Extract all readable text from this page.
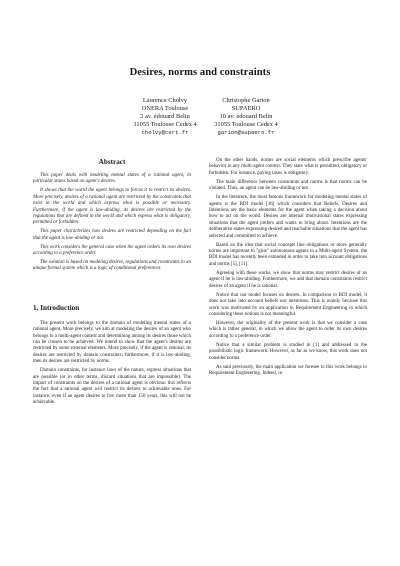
Desires, norms and constraints
Laurence Cholvy
ONERA Toulouse
2 av. édouard Belin
31055 Toulouse Cedex 4
cholvy@cert.fr
Christophe Garion
SUPAERO
10 av. édouard Belin
31055 Toulouse Cedex 4
garion@supaero.fr
Abstract

This paper deals with modeling mental states of a rational agent, in particular states based on agent's desires.

It shows that the world the agent belongs to forces it to restrict its desires. More precisely, desires of a rational agent are restricted by the constraints that exist in the world and which express what is possible or necessary. Furthermore, if the agent is law-abiding, its desires are restricted by the regulations that are defined in the world and which express what is obligatory, permitted or forbidden.

This paper characterizes how desires are restricted depending on the fact that the agent is law-abiding or not.

This work considers the general case when the agent orders its own desires according to a preference order.

The solution is based on modeling desires, regulations and constraints in an unique formal system which is a logic of conditional preferences.

1. Introduction

The present work belongs to the domain of modeling mental states of a rational agent. More precisely, we aim at modeling the desires of an agent who belongs to a multi-agent context and determining among its desires those which can be chosen to be achieved. We intend to show that the agent's desires are restricted by some external elements. More precisely, if the agent is rational, its desires are restricted by domain constraints; furthermore, if it is law-abiding, then its desires are restricted by norms.

Domain constraints, for instance laws of the nature, express situations that are possible (or in other terms, discard situations that are impossible). The impact of constraints on the desires of a rational agent is obvious: this reflects the fact that a rational agent will restrict its desires to achievable ones. For instance, even if an agent desires to live more than 150 years, this will not be achievable.

On the other hands, norms are social elements which prescribe agents' behavior in any multi-agent context. They state what is permitted, obligatory or forbidden. For instance, paying taxes is obligatory.

The main difference between constraints and norms is that norms can be violated. Thus, an agent can be law-abiding or not.

In the literature, the most famous framework for modeling mental states of agents is the BDI model [16] which considers that Beliefs, Desires and Intentions are the basic elements for the agent when taking a decision about how to act on the world. Desires are internal motivational states expressing situations that the agent prefers and wants to bring about. Intentions are the deliberative states expressing desired and reachable situations that the agent has selected and committed to achieve.

Based on the idea that social concepts like obligations or more generally norms are important to "glue" autonomous agents in a Multi-agent System, the BDI model has recently been extended in order to take into account obligations and norms [5], [11].

Agreeing with these works, we show that norms may restrict desires of an agent if he is law-abiding. Furthermore, we add that domain constraints restrict desires of an agent if he is rational.

Notice that our model focuses on desires. In comparison to BDI model, it does not take into account beliefs nor intentions. This is mainly because this work was motivated by an application in Requirement Engineering in which considering these notions is not meaningful.

However, the originality of the present work is that we consider a case which is rather general, in which we allow the agent to order its own desires according to a preference order.

Notice that a similar problem is studied in [1] and addressed in the possibilistic logic framework. However, as far as we know, this work does not consider norms.

As said previously, the main application we foresee to this work belongs to Requirement Engineering. Indeed, in
